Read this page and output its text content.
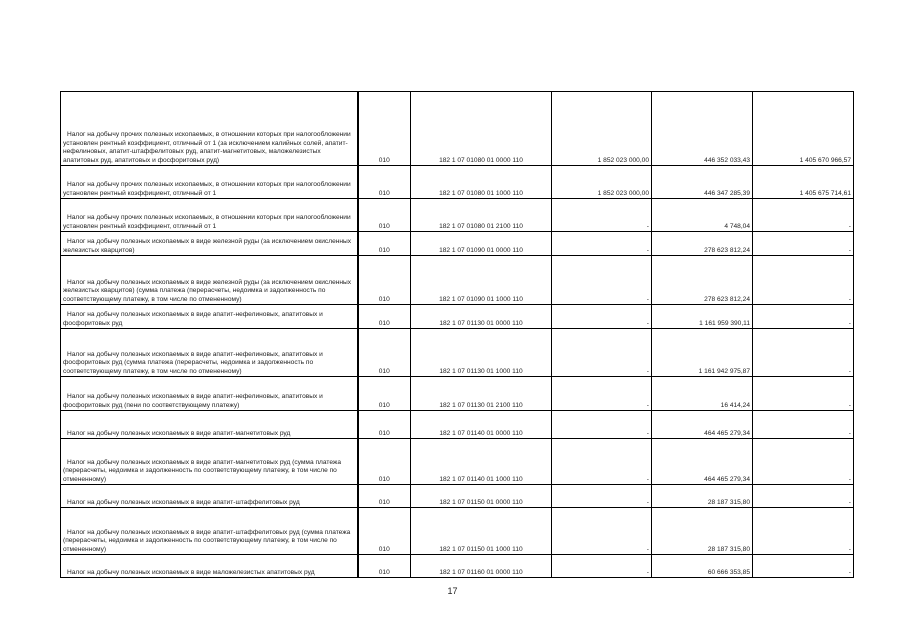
Налог на добычу прочих полезных ископаемых, в отношении которых при налогообложении установлен рентный коэффициент, отличный от 1 (за исключением калийных солей, апатит-нефелиновых, апатит-штаффелитовых руд, апатит-магнетитовых, маложелезистых апатитовых руд, апатитовых и фосфоритовых руд)	010	182 1 07 01080 01 0000 110	1 852 023 000,00	446 352 033,43	1 405 670 966,57
Налог на добычу прочих полезных ископаемых, в отношении которых при налогообложении установлен рентный коэффициент, отличный от 1	010	182 1 07 01080 01 1000 110	1 852 023 000,00	446 347 285,39	1 405 675 714,61
Налог на добычу прочих полезных ископаемых, в отношении которых при налогообложении установлен рентный коэффициент, отличный от 1	010	182 1 07 01080 01 2100 110	-	4 748,04	-
Налог на добычу полезных ископаемых в виде железной руды (за исключением окисленных железистых кварцитов)	010	182 1 07 01090 01 0000 110	-	278 623 812,24	-
Налог на добычу полезных ископаемых в виде железной руды (за исключением окисленных железистых кварцитов) (сумма платежа (перерасчеты, недоимка и задолженность по соответствующему платежу, в том числе по отмененному)	010	182 1 07 01090 01 1000 110	-	278 623 812,24	-
Налог на добычу полезных ископаемых в виде апатит-нефелиновых, апатитовых и фосфоритовых руд	010	182 1 07 01130 01 0000 110	-	1 161 959 390,11	-
Налог на добычу полезных ископаемых в виде апатит-нефелиновых, апатитовых и фосфоритовых руд (сумма платежа (перерасчеты, недоимка и задолженность по соответствующему платежу, в том числе по отмененному)	010	182 1 07 01130 01 1000 110	-	1 161 942 975,87	-
Налог на добычу полезных ископаемых в виде апатит-нефелиновых, апатитовых и фосфоритовых руд (пени по соответствующему платежу)	010	182 1 07 01130 01 2100 110	-	16 414,24	-
Налог на добычу полезных ископаемых в виде апатит-магнетитовых руд	010	182 1 07 01140 01 0000 110	-	464 465 279,34	-
Налог на добычу полезных ископаемых в виде апатит-магнетитовых руд (сумма платежа (перерасчеты, недоимка и задолженность по соответствующему платежу, в том числе по отмененному)	010	182 1 07 01140 01 1000 110	-	464 465 279,34	-
Налог на добычу полезных ископаемых в виде апатит-штаффелитовых руд	010	182 1 07 01150 01 0000 110	-	28 187 315,80	-
Налог на добычу полезных ископаемых в виде апатит-штаффелитовых руд (сумма платежа (перерасчеты, недоимка и задолженность по соответствующему платежу, в том числе по отмененному)	010	182 1 07 01150 01 1000 110	-	28 187 315,80	-
Налог на добычу полезных ископаемых в виде маложелезистых апатитовых руд	010	182 1 07 01160 01 0000 110	-	60 666 353,85	-
17
